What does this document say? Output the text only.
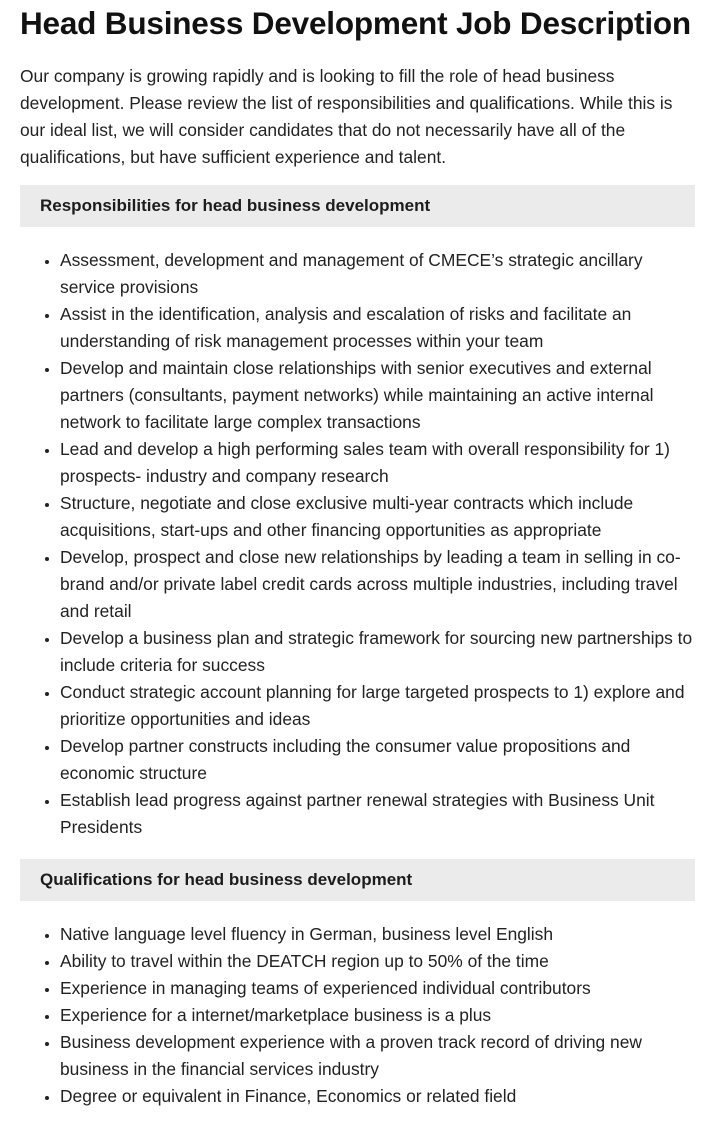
Head Business Development Job Description

Our company is growing rapidly and is looking to fill the role of head business development. Please review the list of responsibilities and qualifications. While this is our ideal list, we will consider candidates that do not necessarily have all of the qualifications, but have sufficient experience and talent.

Responsibilities for head business development
• Assessment, development and management of CMECE’s strategic ancillary service provisions
• Assist in the identification, analysis and escalation of risks and facilitate an understanding of risk management processes within your team
• Develop and maintain close relationships with senior executives and external partners (consultants, payment networks) while maintaining an active internal network to facilitate large complex transactions
• Lead and develop a high performing sales team with overall responsibility for 1) prospects- industry and company research
• Structure, negotiate and close exclusive multi-year contracts which include acquisitions, start-ups and other financing opportunities as appropriate
• Develop, prospect and close new relationships by leading a team in selling in co-brand and/or private label credit cards across multiple industries, including travel and retail
• Develop a business plan and strategic framework for sourcing new partnerships to include criteria for success
• Conduct strategic account planning for large targeted prospects to 1) explore and prioritize opportunities and ideas
• Develop partner constructs including the consumer value propositions and economic structure
• Establish lead progress against partner renewal strategies with Business Unit Presidents
Qualifications for head business development
• Native language level fluency in German, business level English
• Ability to travel within the DEATCH region up to 50% of the time
• Experience in managing teams of experienced individual contributors
• Experience for a internet/marketplace business is a plus
• Business development experience with a proven track record of driving new business in the financial services industry
• Degree or equivalent in Finance, Economics or related field
